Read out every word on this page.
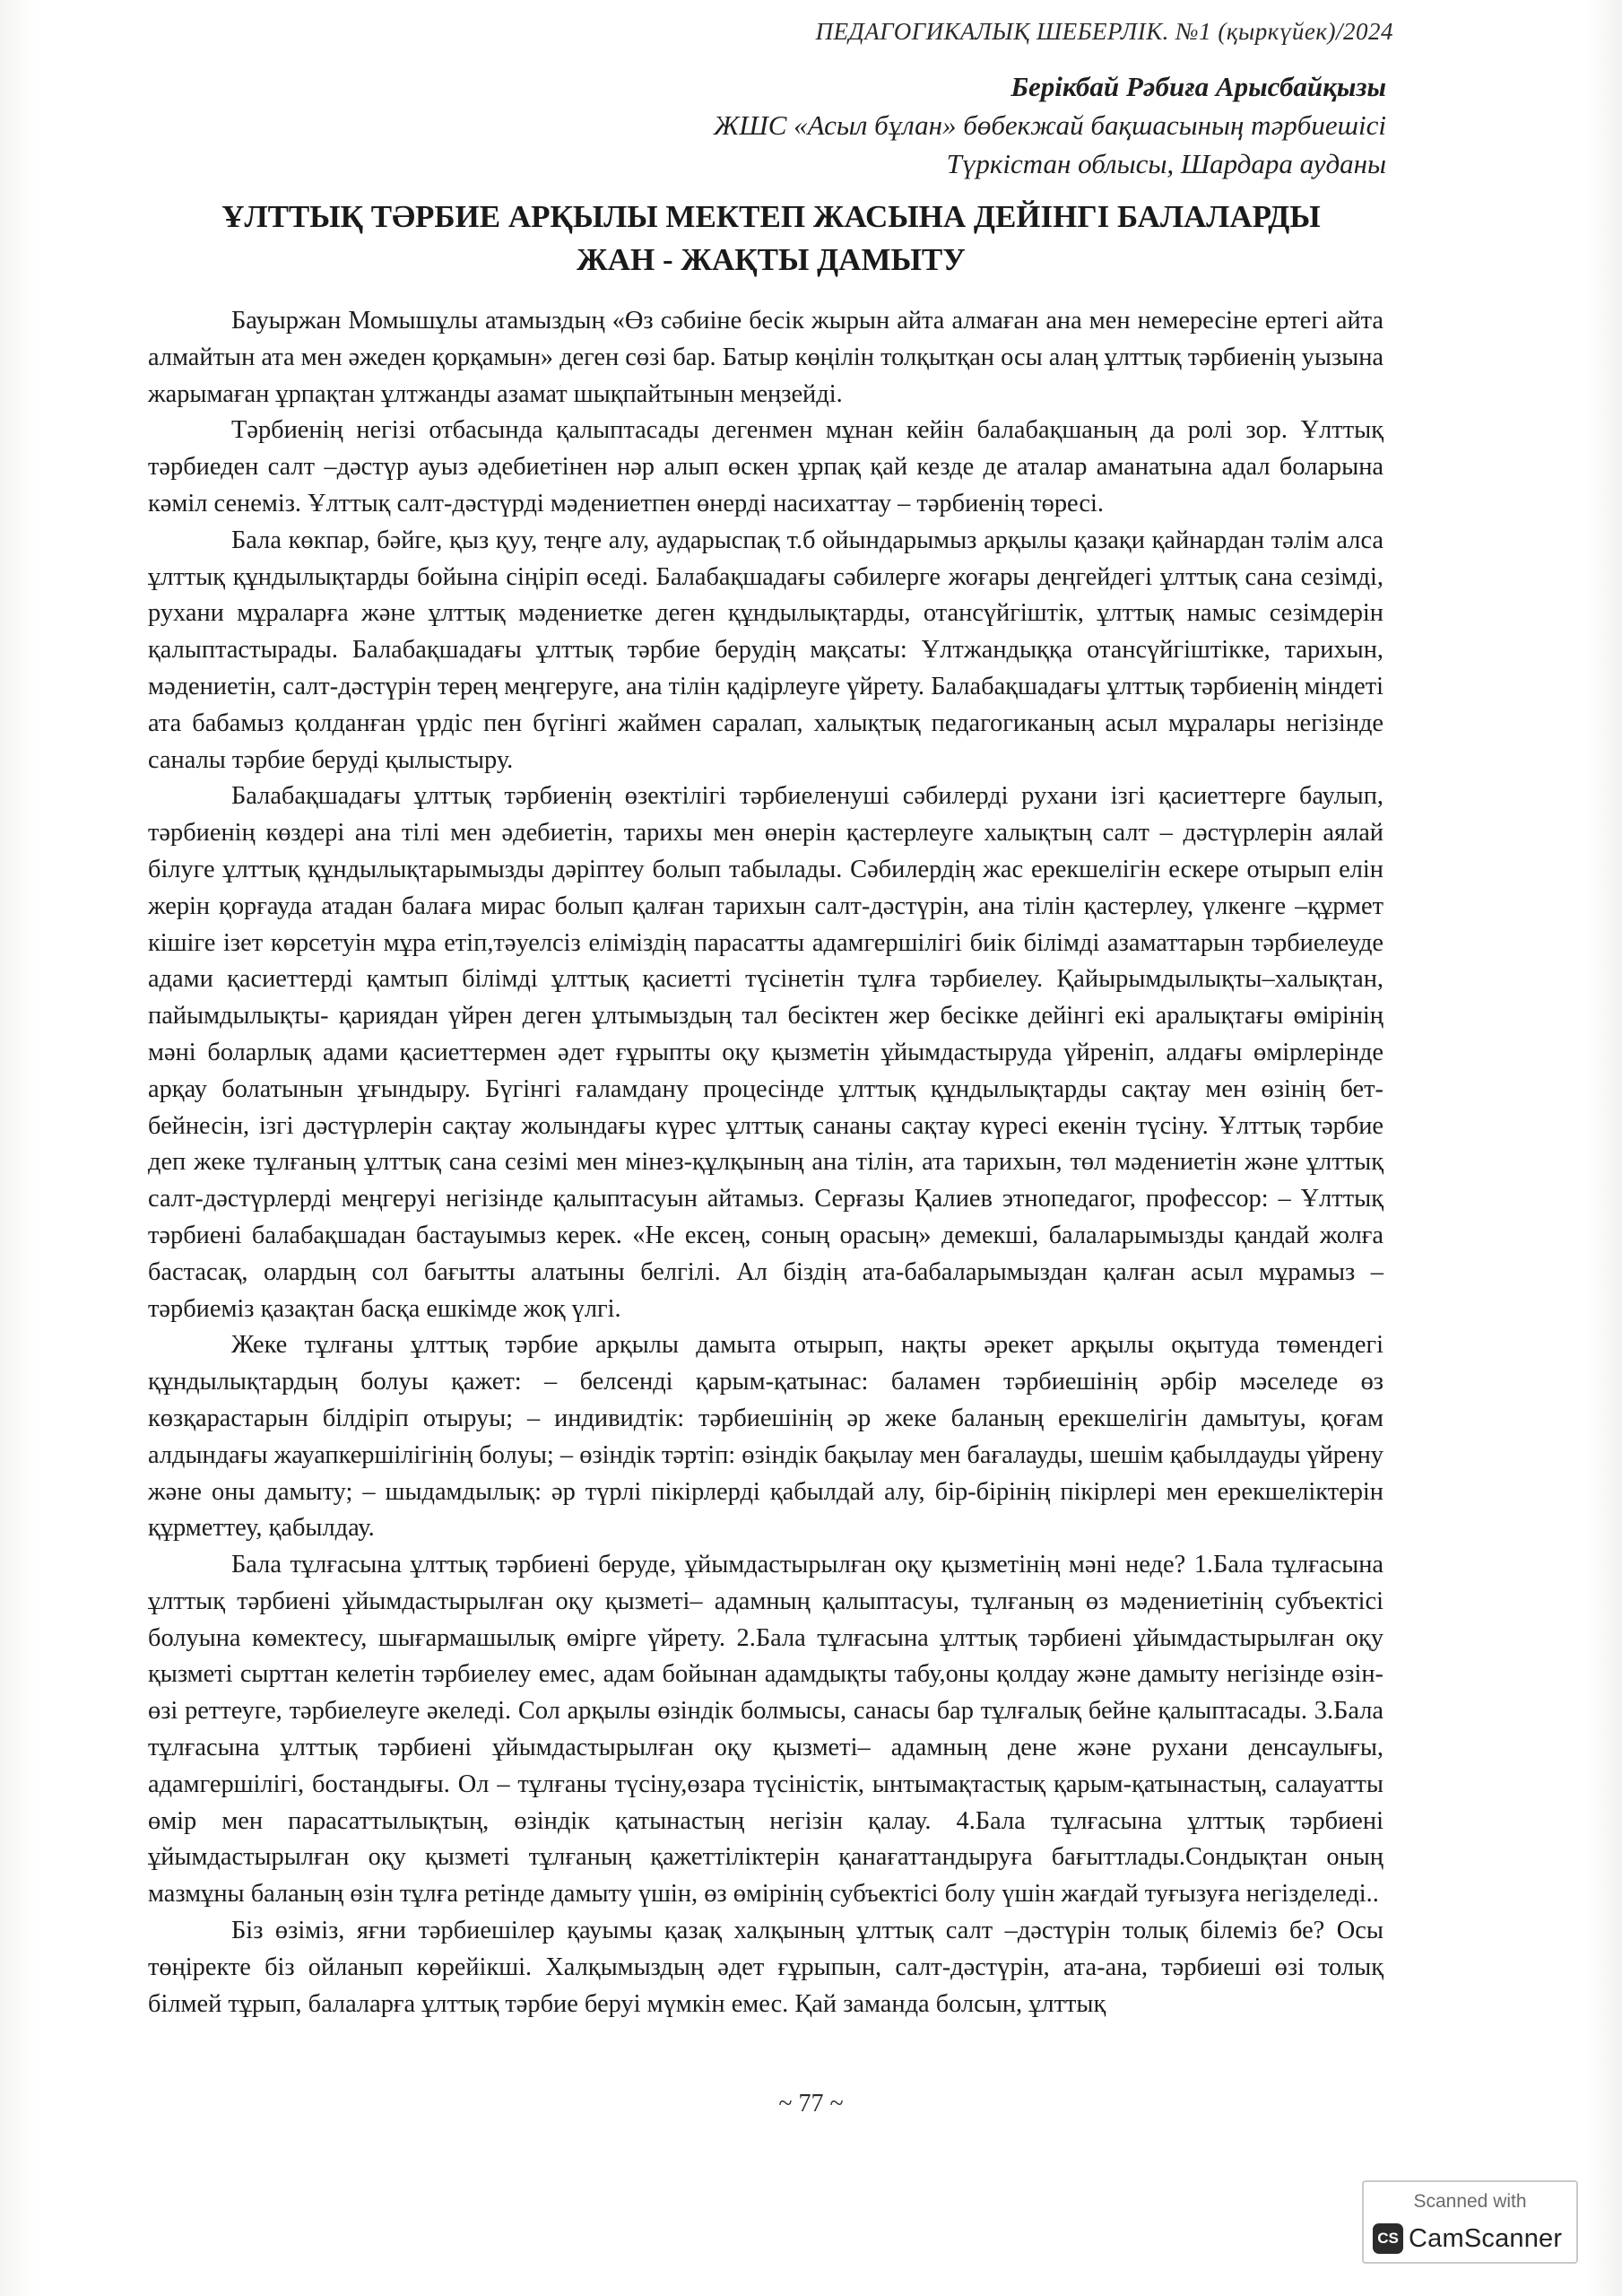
ПЕДАГОГИКАЛЫҚ ШЕБЕРЛІК. №1 (қыркүйек)/2024
Берікбай Рәбиға Арысбайқызы
ЖШС «Асыл бұлан» бөбекжай бақшасының тәрбиешісі
Түркістан облысы, Шардара ауданы
ҰЛТТЫҚ ТӘРБИЕ АРҚЫЛЫ МЕКТЕП ЖАСЫНА ДЕЙІНГІ БАЛАЛАРДЫ ЖАН - ЖАҚТЫ ДАМЫТУ

Бауыржан Момышұлы атамыздың «Өз сәбиіне бесік жырын айта алмаған ана мен немересіне ертегі айта алмайтын ата мен әжеден қорқамын» деген сөзі бар. Батыр көңілін толқытқан осы алаң ұлттық тәрбиенің уызына жарымаған ұрпақтан ұлтжанды азамат шықпайтынын меңзейді.

Тәрбиенің негізі отбасында қалыптасады дегенмен мұнан кейін балабақшаның да ролі зор. Ұлттық тәрбиеден салт –дәстүр ауыз әдебиетінен нәр алып өскен ұрпақ қай кезде де аталар аманатына адал боларына кәміл сенеміз. Ұлттық салт-дәстүрді мәдениетпен өнерді насихаттау – тәрбиенің төресі.

Бала көкпар, бәйге, қыз қуу, теңге алу, аударыспақ т.б ойындарымыз арқылы қазақи қайнардан тәлім алса ұлттық құндылықтарды бойына сіңіріп өседі. Балабақшадағы сәбилерге жоғары деңгейдегі ұлттық сана сезімді, рухани мұраларға және ұлттық мәдениетке деген құндылықтарды, отансүйгіштік, ұлттық намыс сезімдерін қалыптастырады. Балабақшадағы ұлттық тәрбие берудің мақсаты: Ұлтжандыққа отансүйгіштікке, тарихын, мәдениетін, салт-дәстүрін терең меңгеруге, ана тілін қадірлеуге үйрету. Балабақшадағы ұлттық тәрбиенің міндеті ата бабамыз қолданған үрдіс пен бүгінгі жаймен саралап, халықтық педагогиканың асыл мұралары негізінде саналы тәрбие беруді қылыстыру.

Балабақшадағы ұлттық тәрбиенің өзектілігі тәрбиеленуші сәбилерді рухани ізгі қасиеттерге баулып, тәрбиенің көздері ана тілі мен әдебиетін, тарихы мен өнерін қастерлеуге халықтың салт – дәстүрлерін аялай білуге ұлттық құндылықтарымызды дәріптеу болып табылады. Сәбилердің жас ерекшелігін ескере отырып елін жерін қорғауда атадан балаға мирас болып қалған тарихын салт-дәстүрін, ана тілін қастерлеу, үлкенге –құрмет кішіге ізет көрсетуін мұра етіп,тәуелсіз еліміздің парасатты адамгершілігі биік білімді азаматтарын тәрбиелеуде адами қасиеттерді қамтып білімді ұлттық қасиетті түсінетін тұлға тәрбиелеу. Қайырымдылықты–халықтан, пайымдылықты- қариядан үйрен деген ұлтымыздың тал бесіктен жер бесікке дейінгі екі аралықтағы өмірінің мәні боларлық адами қасиеттермен әдет ғұрыпты оқу қызметін ұйымдастыруда үйреніп, алдағы өмірлерінде арқау болатынын ұғындыру. Бүгінгі ғаламдану процесінде ұлттық құндылықтарды сақтау мен өзінің бет-бейнесін, ізгі дәстүрлерін сақтау жолындағы күрес ұлттық сананы сақтау күресі екенін түсіну. Ұлттық тәрбие деп жеке тұлғаның ұлттық сана сезімі мен мінез-құлқының ана тілін, ата тарихын, төл мәдениетін және ұлттық салт-дәстүрлерді меңгеруі негізінде қалыптасуын айтамыз. Серғазы Қалиев этнопедагог, профессор: – Ұлттық тәрбиені балабақшадан бастауымыз керек. «Не ексең, соның орасың» демекші, балаларымызды қандай жолға бастасақ, олардың сол бағытты алатыны белгілі. Ал біздің ата-бабаларымыздан қалған асыл мұрамыз – тәрбиеміз қазақтан басқа ешкімде жоқ үлгі.

Жеке тұлғаны ұлттық тәрбие арқылы дамыта отырып, нақты әрекет арқылы оқытуда төмендегі құндылықтардың болуы қажет: – белсенді қарым-қатынас: баламен тәрбиешінің әрбір мәселеде өз көзқарастарын білдіріп отыруы; – индивидтік: тәрбиешінің әр жеке баланың ерекшелігін дамытуы, қоғам алдындағы жауапкершілігінің болуы; – өзіндік тәртіп: өзіндік бақылау мен бағалауды, шешім қабылдауды үйрену және оны дамыту; – шыдамдылық: әр түрлі пікірлерді қабылдай алу, бір-бірінің пікірлері мен ерекшеліктерін құрметтеу, қабылдау.

Бала тұлғасына ұлттық тәрбиені беруде, ұйымдастырылған оқу қызметінің мәні неде? 1.Бала тұлғасына ұлттық тәрбиені ұйымдастырылған оқу қызметі– адамның қалыптасуы, тұлғаның өз мәдениетінің субъектісі болуына көмектесу, шығармашылық өмірге үйрету. 2.Бала тұлғасына ұлттық тәрбиені ұйымдастырылған оқу қызметі сырттан келетін тәрбиелеу емес, адам бойынан адамдықты табу,оны қолдау және дамыту негізінде өзін-өзі реттеуге, тәрбиелеуге әкеледі. Сол арқылы өзіндік болмысы, санасы бар тұлғалық бейне қалыптасады. 3.Бала тұлғасына ұлттық тәрбиені ұйымдастырылған оқу қызметі– адамның дене және рухани денсаулығы, адамгершілігі, бостандығы. Ол – тұлғаны түсіну,өзара түсіністік, ынтымақтастық қарым-қатынастың, салауатты өмір мен парасаттылықтың, өзіндік қатынастың негізін қалау. 4.Бала тұлғасына ұлттық тәрбиені ұйымдастырылған оқу қызметі тұлғаның қажеттіліктерін қанағаттандыруға бағыттлады.Сондықтан оның мазмұны баланың өзін тұлға ретінде дамыту үшін, өз өмірінің субъектісі болу үшін жағдай туғызуға негізделеді..

Біз өзіміз, яғни тәрбиешілер қауымы қазақ халқының ұлттық салт –дәстүрін толық білеміз бе? Осы төңіректе біз ойланып көрейікші. Халқымыздың әдет ғұрыпын, салт-дәстүрін, ата-ана, тәрбиеші өзі толық білмей тұрып, балаларға ұлттық тәрбие беруі мүмкін емес. Қай заманда болсын, ұлттық

~ 77 ~
Scanned with
CS CamScanner
